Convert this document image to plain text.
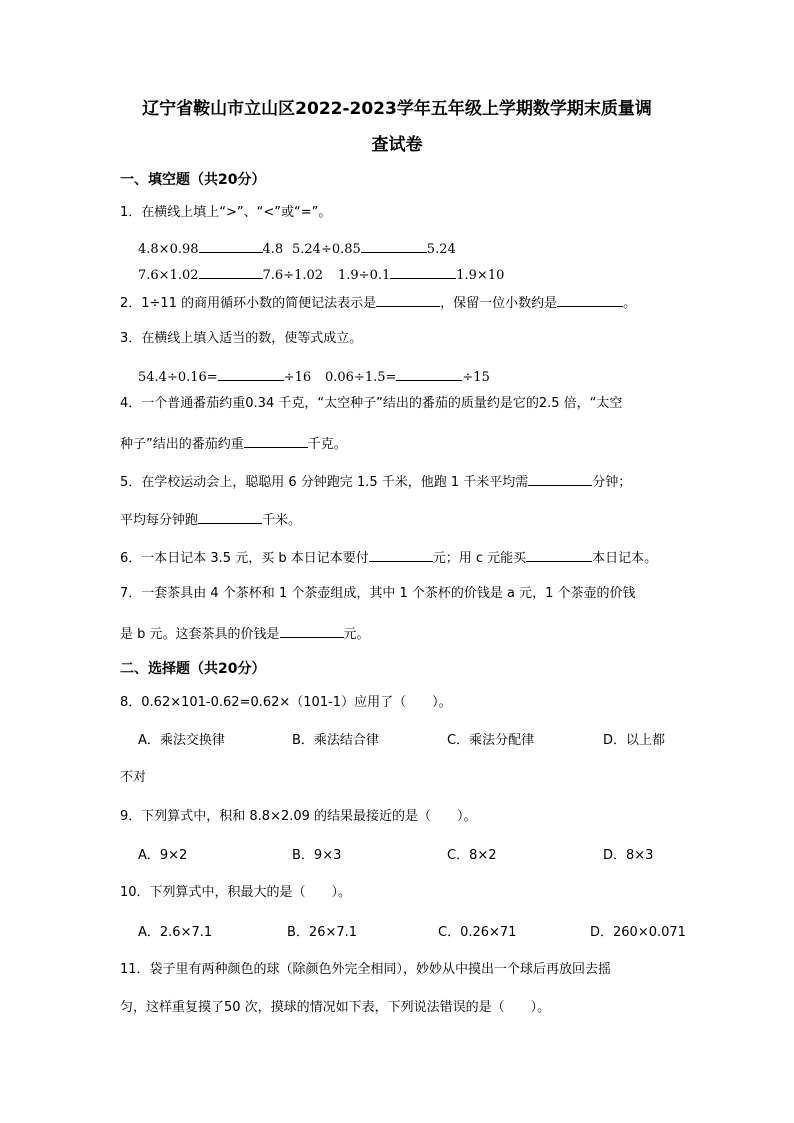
辽宁省鞍山市立山区2022-2023学年五年级上学期数学期末质量调
查试卷
一、填空题（共20分）
1．在横线上填上“>”、“<”或“=”。
4.8×0.98	4.8 5.24÷0.85	5.24
7.6×1.02	7.6÷1.02 1.9÷0.1	1.9×10
2．1÷11 的商用循环小数的简便记法表示是	，保留一位小数约是	。
3．在横线上填入适当的数，使等式成立。
54.4÷0.16=	÷16 0.06÷1.5=	÷15
4．一个普通番茄约重0.34 千克，“太空种子”结出的番茄的质量约是它的2.5 倍，“太空
种子”结出的番茄约重	千克。
5．在学校运动会上，聪聪用 6 分钟跑完 1.5 千米，他跑 1 千米平均需	分钟；
平均每分钟跑	千米。
6．一本日记本 3.5 元，买 b 本日记本要付	元；用 c 元能买	本日记本。
7．一套茶具由 4 个茶杯和 1 个茶壶组成，其中 1 个茶杯的价钱是 a 元，1 个茶壶的价钱
是 b 元。这套茶具的价钱是	元。
二、选择题（共20分）
8．0.62×101-0.62=0.62×（101-1）应用了（　　）。
A．乘法交换律	B．乘法结合律	C．乘法分配律	D．以上都
不对
9．下列算式中，积和 8.8×2.09 的结果最接近的是（　　）。
A．9×2	B．9×3	C．8×2	D．8×3
10．下列算式中，积最大的是（　　）。
A．2.6×7.1	B．26×7.1	C．0.26×71	D．260×0.071
11．袋子里有两种颜色的球（除颜色外完全相同），妙妙从中摸出一个球后再放回去摇
匀，这样重复摸了50 次，摸球的情况如下表，下列说法错误的是（　　）。
